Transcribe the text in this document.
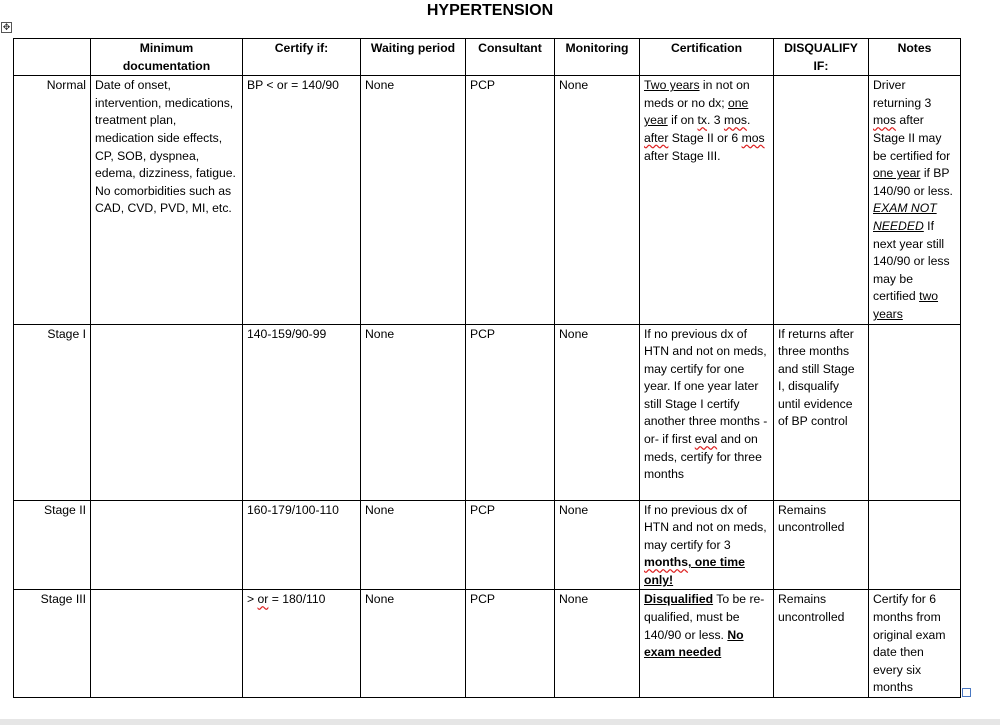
HYPERTENSION
✥
	Minimum documentation	Certify if:	Waiting period	Consultant	Monitoring	Certification	DISQUALIFY IF:	Notes
Normal	Date of onset, intervention, medications, treatment plan, medication side effects, CP, SOB, dyspnea, edema, dizziness, fatigue. No comorbidities such as CAD, CVD, PVD, MI, etc.	BP < or = 140/90	None	PCP	None	Two years in not on meds or no dx; one year if on tx. 3 mos. after Stage II or 6 mos after Stage III.		Driver returning 3 mos after Stage II may be certified for one year if BP 140/90 or less. EXAM NOT NEEDED If next year still 140/90 or less may be certified two years
Stage I		140-159/90-99	None	PCP	None	If no previous dx of HTN and not on meds, may certify for one year. If one year later still Stage I certify another three months -or- if first eval and on meds, certify for three months	If returns after three months and still Stage I, disqualify until evidence of BP control	
Stage II		160-179/100-110	None	PCP	None	If no previous dx of HTN and not on meds, may certify for 3 months, one time only!	Remains uncontrolled	
Stage III		> or = 180/110	None	PCP	None	Disqualified To be re-qualified, must be 140/90 or less. No exam needed	Remains uncontrolled	Certify for 6 months from original exam date then every six months
